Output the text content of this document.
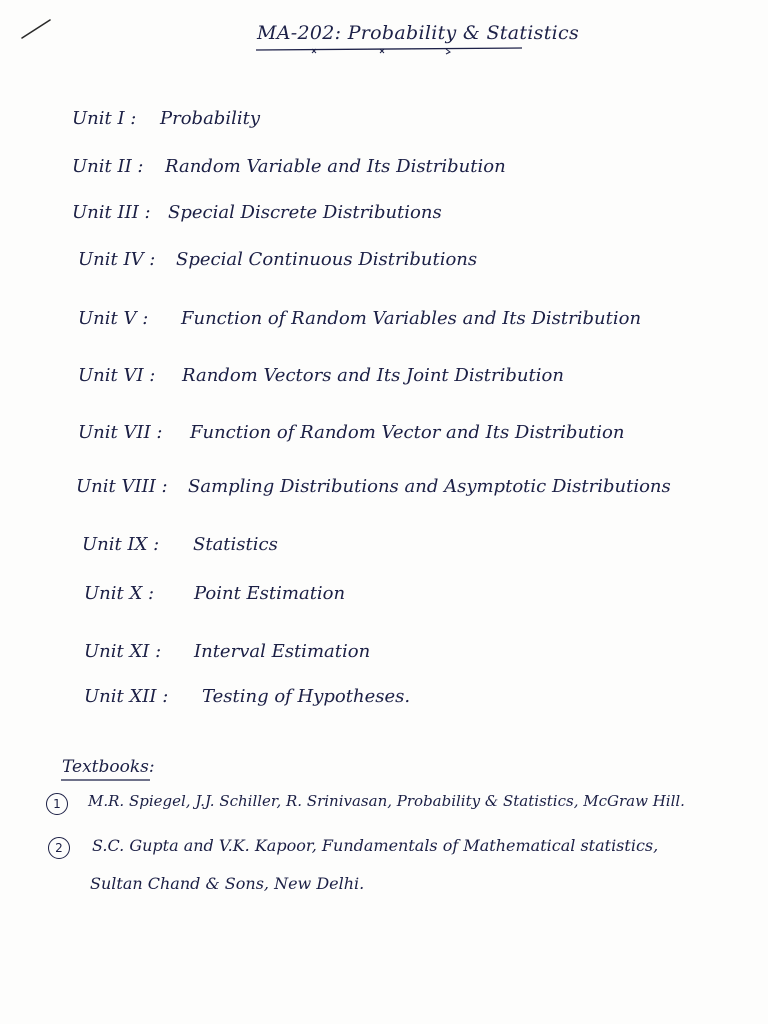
MA-202: Probability & Statistics
Unit I : Probability
Unit II : Random Variable and Its Distribution
Unit III : Special Discrete Distributions
Unit IV : Special Continuous Distributions
Unit V : Function of Random Variables and Its Distribution
Unit VI : Random Vectors and Its Joint Distribution
Unit VII : Function of Random Vector and Its Distribution
Unit VIII : Sampling Distributions and Asymptotic Distributions
Unit IX : Statistics
Unit X : Point Estimation
Unit XI : Interval Estimation
Unit XII : Testing of Hypotheses.
Textbooks:
1	M.R. Spiegel, J.J. Schiller, R. Srinivasan, Probability & Statistics, McGraw Hill.
2	S.C. Gupta and V.K. Kapoor, Fundamentals of Mathematical statistics,
Sultan Chand & Sons, New Delhi.
